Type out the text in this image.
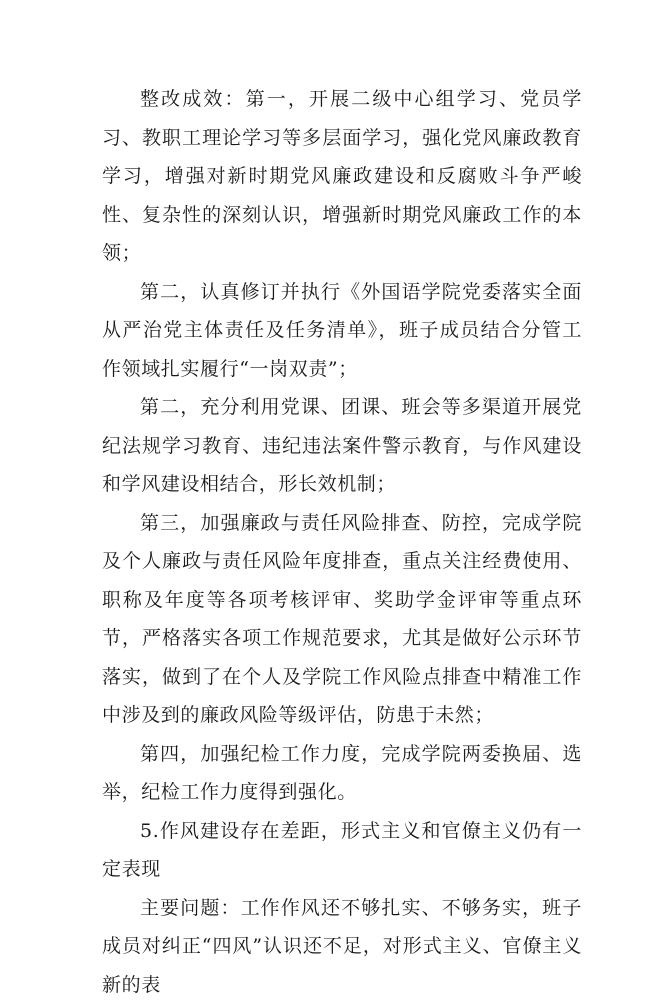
整改成效：第一，开展二级中心组学习、党员学习、教职工理论学习等多层面学习，强化党风廉政教育学习，增强对新时期党风廉政建设和反腐败斗争严峻性、复杂性的深刻认识，增强新时期党风廉政工作的本领；

第二，认真修订并执行《外国语学院党委落实全面从严治党主体责任及任务清单》，班子成员结合分管工作领域扎实履行“一岗双责”；

第二，充分利用党课、团课、班会等多渠道开展党纪法规学习教育、违纪违法案件警示教育，与作风建设和学风建设相结合，形长效机制；

第三，加强廉政与责任风险排查、防控，完成学院及个人廉政与责任风险年度排查，重点关注经费使用、职称及年度等各项考核评审、奖助学金评审等重点环节，严格落实各项工作规范要求，尤其是做好公示环节落实，做到了在个人及学院工作风险点排查中精准工作中涉及到的廉政风险等级评估，防患于未然；

第四，加强纪检工作力度，完成学院两委换届、选举，纪检工作力度得到强化。

5.作风建设存在差距，形式主义和官僚主义仍有一定表现

主要问题：工作作风还不够扎实、不够务实，班子成员对纠正“四风”认识还不足，对形式主义、官僚主义新的表
